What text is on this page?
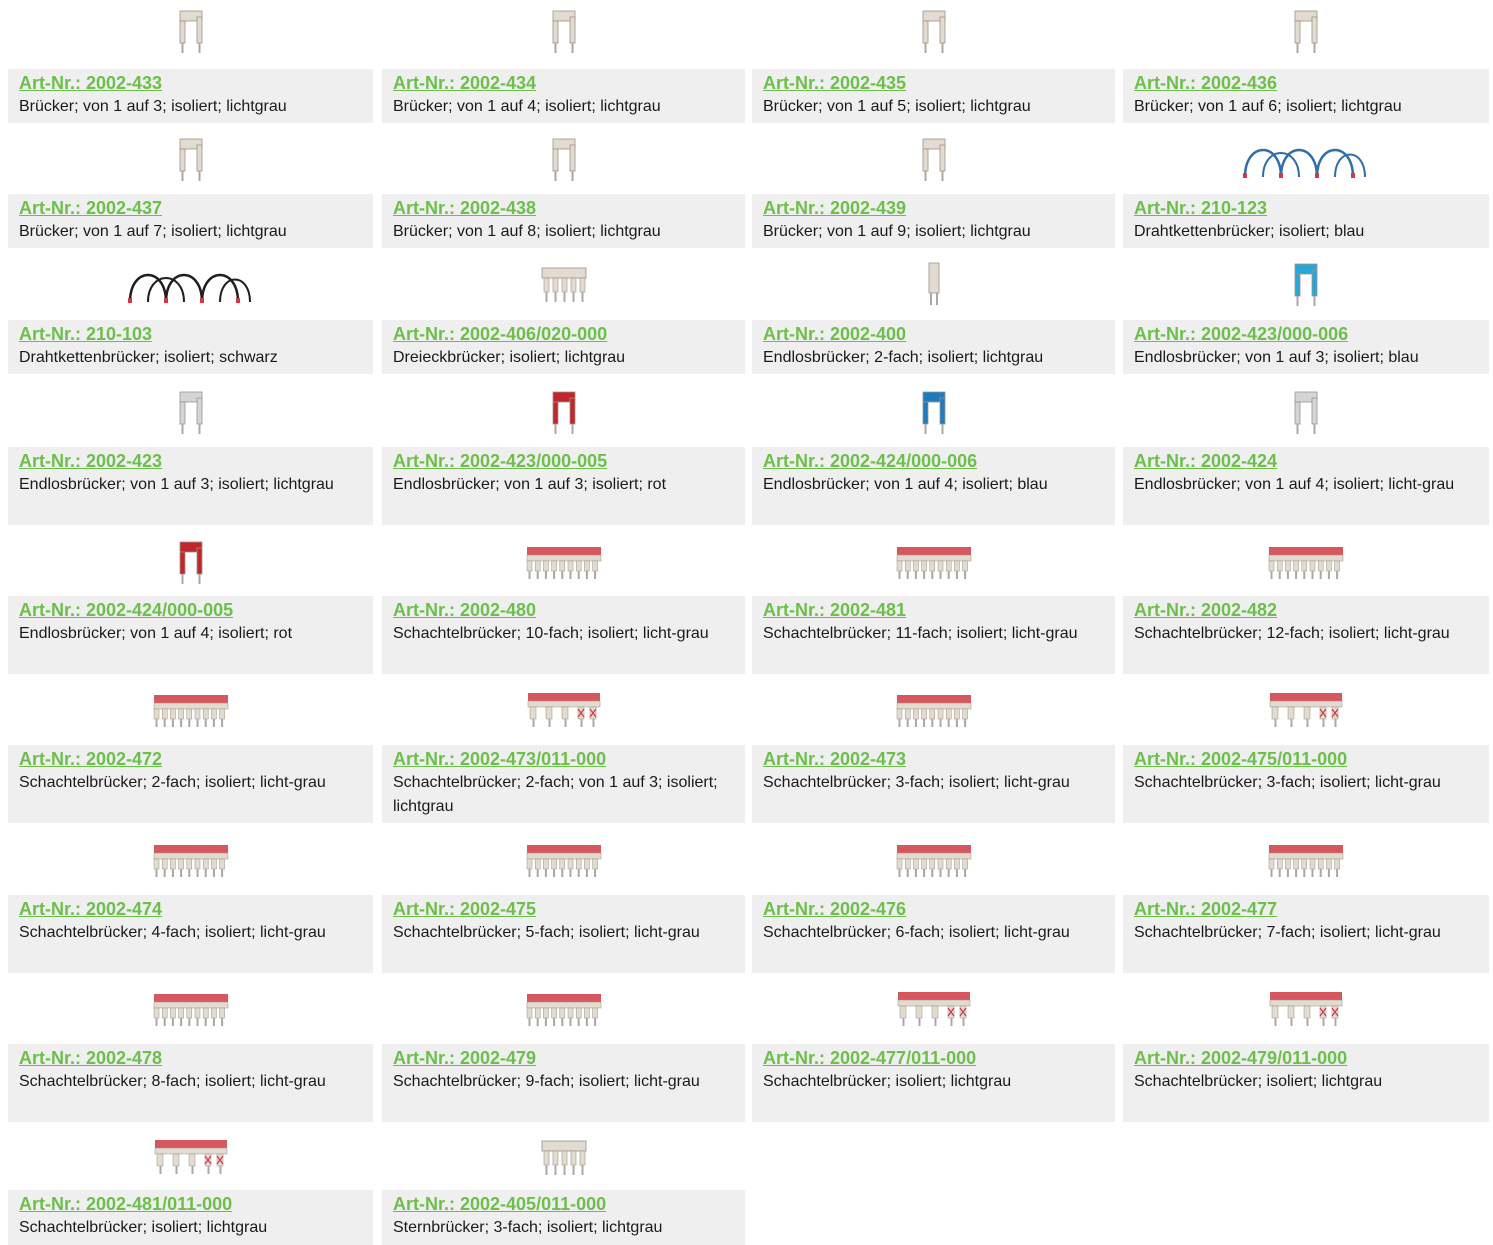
Art-Nr.: 2002-433
Brücker; von 1 auf 3; isoliert; lichtgrau
Art-Nr.: 2002-434
Brücker; von 1 auf 4; isoliert; lichtgrau
Art-Nr.: 2002-435
Brücker; von 1 auf 5; isoliert; lichtgrau
Art-Nr.: 2002-436
Brücker; von 1 auf 6; isoliert; lichtgrau
Art-Nr.: 2002-437
Brücker; von 1 auf 7; isoliert; lichtgrau
Art-Nr.: 2002-438
Brücker; von 1 auf 8; isoliert; lichtgrau
Art-Nr.: 2002-439
Brücker; von 1 auf 9; isoliert; lichtgrau
Art-Nr.: 210-123
Drahtkettenbrücker; isoliert; blau
Art-Nr.: 210-103
Drahtkettenbrücker; isoliert; schwarz
Art-Nr.: 2002-406/020-000
Dreieckbrücker; isoliert; lichtgrau
Art-Nr.: 2002-400
Endlosbrücker; 2-fach; isoliert; lichtgrau
Art-Nr.: 2002-423/000-006
Endlosbrücker; von 1 auf 3; isoliert; blau
Art-Nr.: 2002-423
Endlosbrücker; von 1 auf 3; isoliert; lichtgrau
Art-Nr.: 2002-423/000-005
Endlosbrücker; von 1 auf 3; isoliert; rot
Art-Nr.: 2002-424/000-006
Endlosbrücker; von 1 auf 4; isoliert; blau
Art-Nr.: 2002-424
Endlosbrücker; von 1 auf 4; isoliert; licht-grau
Art-Nr.: 2002-424/000-005
Endlosbrücker; von 1 auf 4; isoliert; rot
Art-Nr.: 2002-480
Schachtelbrücker; 10-fach; isoliert; licht-grau
Art-Nr.: 2002-481
Schachtelbrücker; 11-fach; isoliert; licht-grau
Art-Nr.: 2002-482
Schachtelbrücker; 12-fach; isoliert; licht-grau
Art-Nr.: 2002-472
Schachtelbrücker; 2-fach; isoliert; licht-grau
Art-Nr.: 2002-473/011-000
Schachtelbrücker; 2-fach; von 1 auf 3; isoliert; lichtgrau
Art-Nr.: 2002-473
Schachtelbrücker; 3-fach; isoliert; licht-grau
Art-Nr.: 2002-475/011-000
Schachtelbrücker; 3-fach; isoliert; licht-grau
Art-Nr.: 2002-474
Schachtelbrücker; 4-fach; isoliert; licht-grau
Art-Nr.: 2002-475
Schachtelbrücker; 5-fach; isoliert; licht-grau
Art-Nr.: 2002-476
Schachtelbrücker; 6-fach; isoliert; licht-grau
Art-Nr.: 2002-477
Schachtelbrücker; 7-fach; isoliert; licht-grau
Art-Nr.: 2002-478
Schachtelbrücker; 8-fach; isoliert; licht-grau
Art-Nr.: 2002-479
Schachtelbrücker; 9-fach; isoliert; licht-grau
Art-Nr.: 2002-477/011-000
Schachtelbrücker; isoliert; lichtgrau
Art-Nr.: 2002-479/011-000
Schachtelbrücker; isoliert; lichtgrau
Art-Nr.: 2002-481/011-000
Schachtelbrücker; isoliert; lichtgrau
Art-Nr.: 2002-405/011-000
Sternbrücker; 3-fach; isoliert; lichtgrau
